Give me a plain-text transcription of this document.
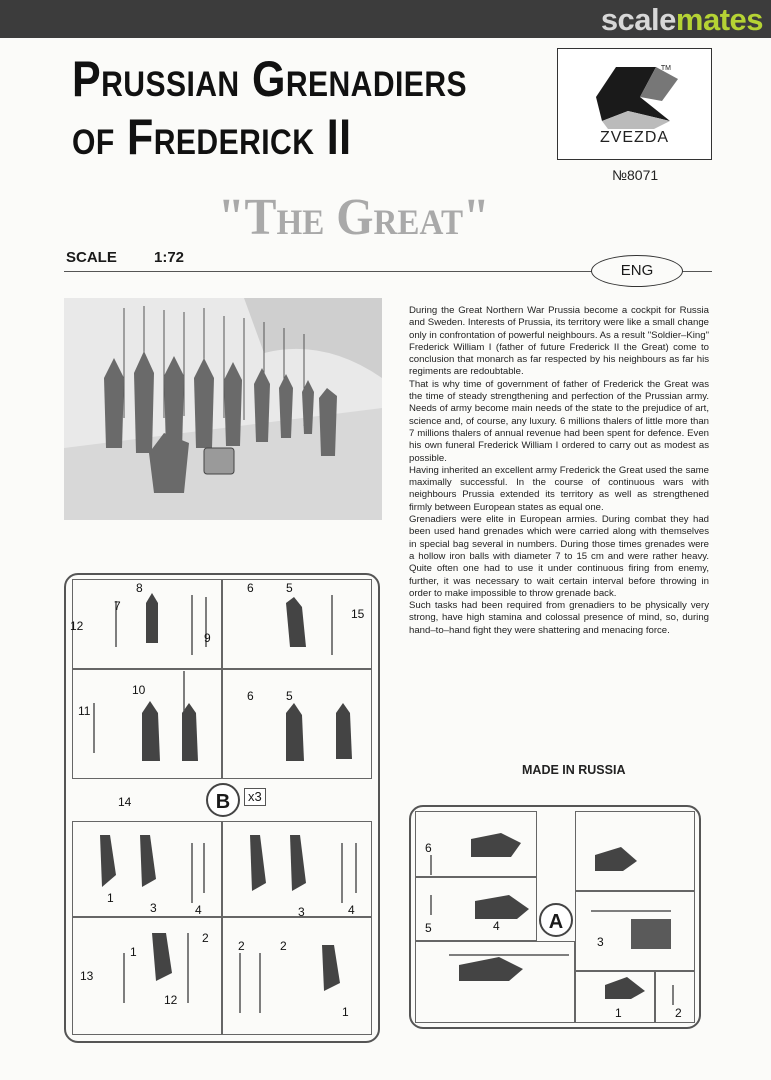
scalemates
Prussian Grenadiers
of Frederick II
"The Great"
TM
ZVEZDA
№8071
SCALE 1:72
ENG

During the Great Northern War Prussia become a cockpit for Russia and Sweden. Interests of Prussia, its territory were like a small change only in confrontation of powerful neighbours. As a result "Soldier–King" Frederick William I (father of future Frederick II the Great) come to conclusion that monarch as far respected by his neighbours as far his regiments are redoubtable.

That is why time of government of father of Frederick the Great was the time of steady strengthening and perfection of the Prussian army. Needs of army become main needs of the state to the prejudice of art, science and, of course, any luxury. 6 millions thalers of little more than 7 millions thalers of annual revenue had been spent for defence. Even his own funeral Frederick William I ordered to carry out as modest as possible.

Having inherited an excellent army Frederick the Great used the same maximally successful. In the course of continuous wars with neighbours Prussia extended its territory as well as strengthened firmly between European states as equal one.

Grenadiers were elite in European armies. During combat they had been used hand grenades which were carried along with themselves in special bag several in numbers. During those times grenades were a hollow iron balls with diameter 7 to 15 cm and were rather heavy. Quite often one had to use it under continuous firing from enemy, further, it was necessary to wait certain interval before throwing in order to make impossible to throw grenade back.

Such tasks had been required from grenadiers to be physically very strong, have high stamina and colossal presence of mind, so, during hand–to–hand fight they were shattering and menacing force.

MADE IN RUSSIA
8
7
12
9
6	5
15
10
11
6	5
14
1
3	4	3	4
1
2
13
12
2	2
1
B	x3
6
5	4
3
1	2
A
